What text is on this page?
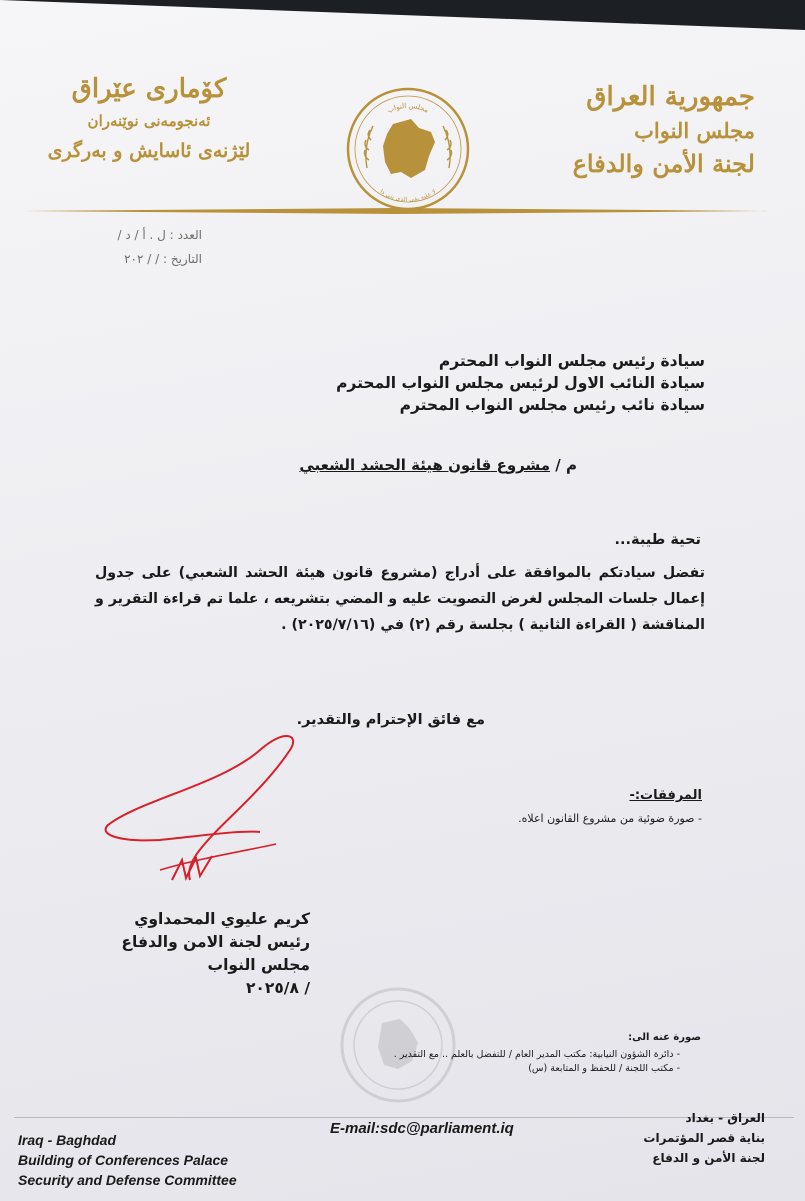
جمهورية العراق
مجلس النواب
لجنة الأمن والدفاع
كۆماری عێراق
ئەنجومەنی نوێنەران
لێژنەی ئاسایش و بەرگری
مجلس النواب
لا عليه بقى الذي بنى ذا
العدد : ل . أ / د /
التاريخ : / / ٢٠٢
سيادة رئيس مجلس النواب المحترم
سيادة النائب الاول لرئيس مجلس النواب المحترم
سيادة نائب رئيس مجلس النواب المحترم
م / مشروع قانون هيئة الحشد الشعبي
تحية طيبة...
تفضل سيادتكم بالموافقة على أدراج (مشروع قانون هيئة الحشد الشعبي) على جدول إعمال جلسات المجلس لغرض التصويت عليه و المضي بتشريعه ، علما تم قراءة التقرير و المناقشة ( القراءة الثانية ) بجلسة رقم (٢) في (٢٠٢٥/٧/١٦) .
مع فائق الإحترام والتقدير.
المرفقات:-
- صورة ضوئية من مشروع القانون اعلاه.
كريم عليوي المحمداوي
رئيس لجنة الامن والدفاع
مجلس النواب
/ ٢٠٢٥/٨
صورة عنه الى:
- دائرة الشؤون النيابية: مكتب المدير العام / للتفضل بالعلم .. مع التقدير .
- مكتب اللجنة / للحفظ و المتابعة (س)
Iraq - Baghdad
Building of Conferences Palace
Security and Defense Committee
E-mail:sdc@parliament.iq
العراق - بغداد
بناية قصر المؤتمرات
لجنة الأمن و الدفاع
